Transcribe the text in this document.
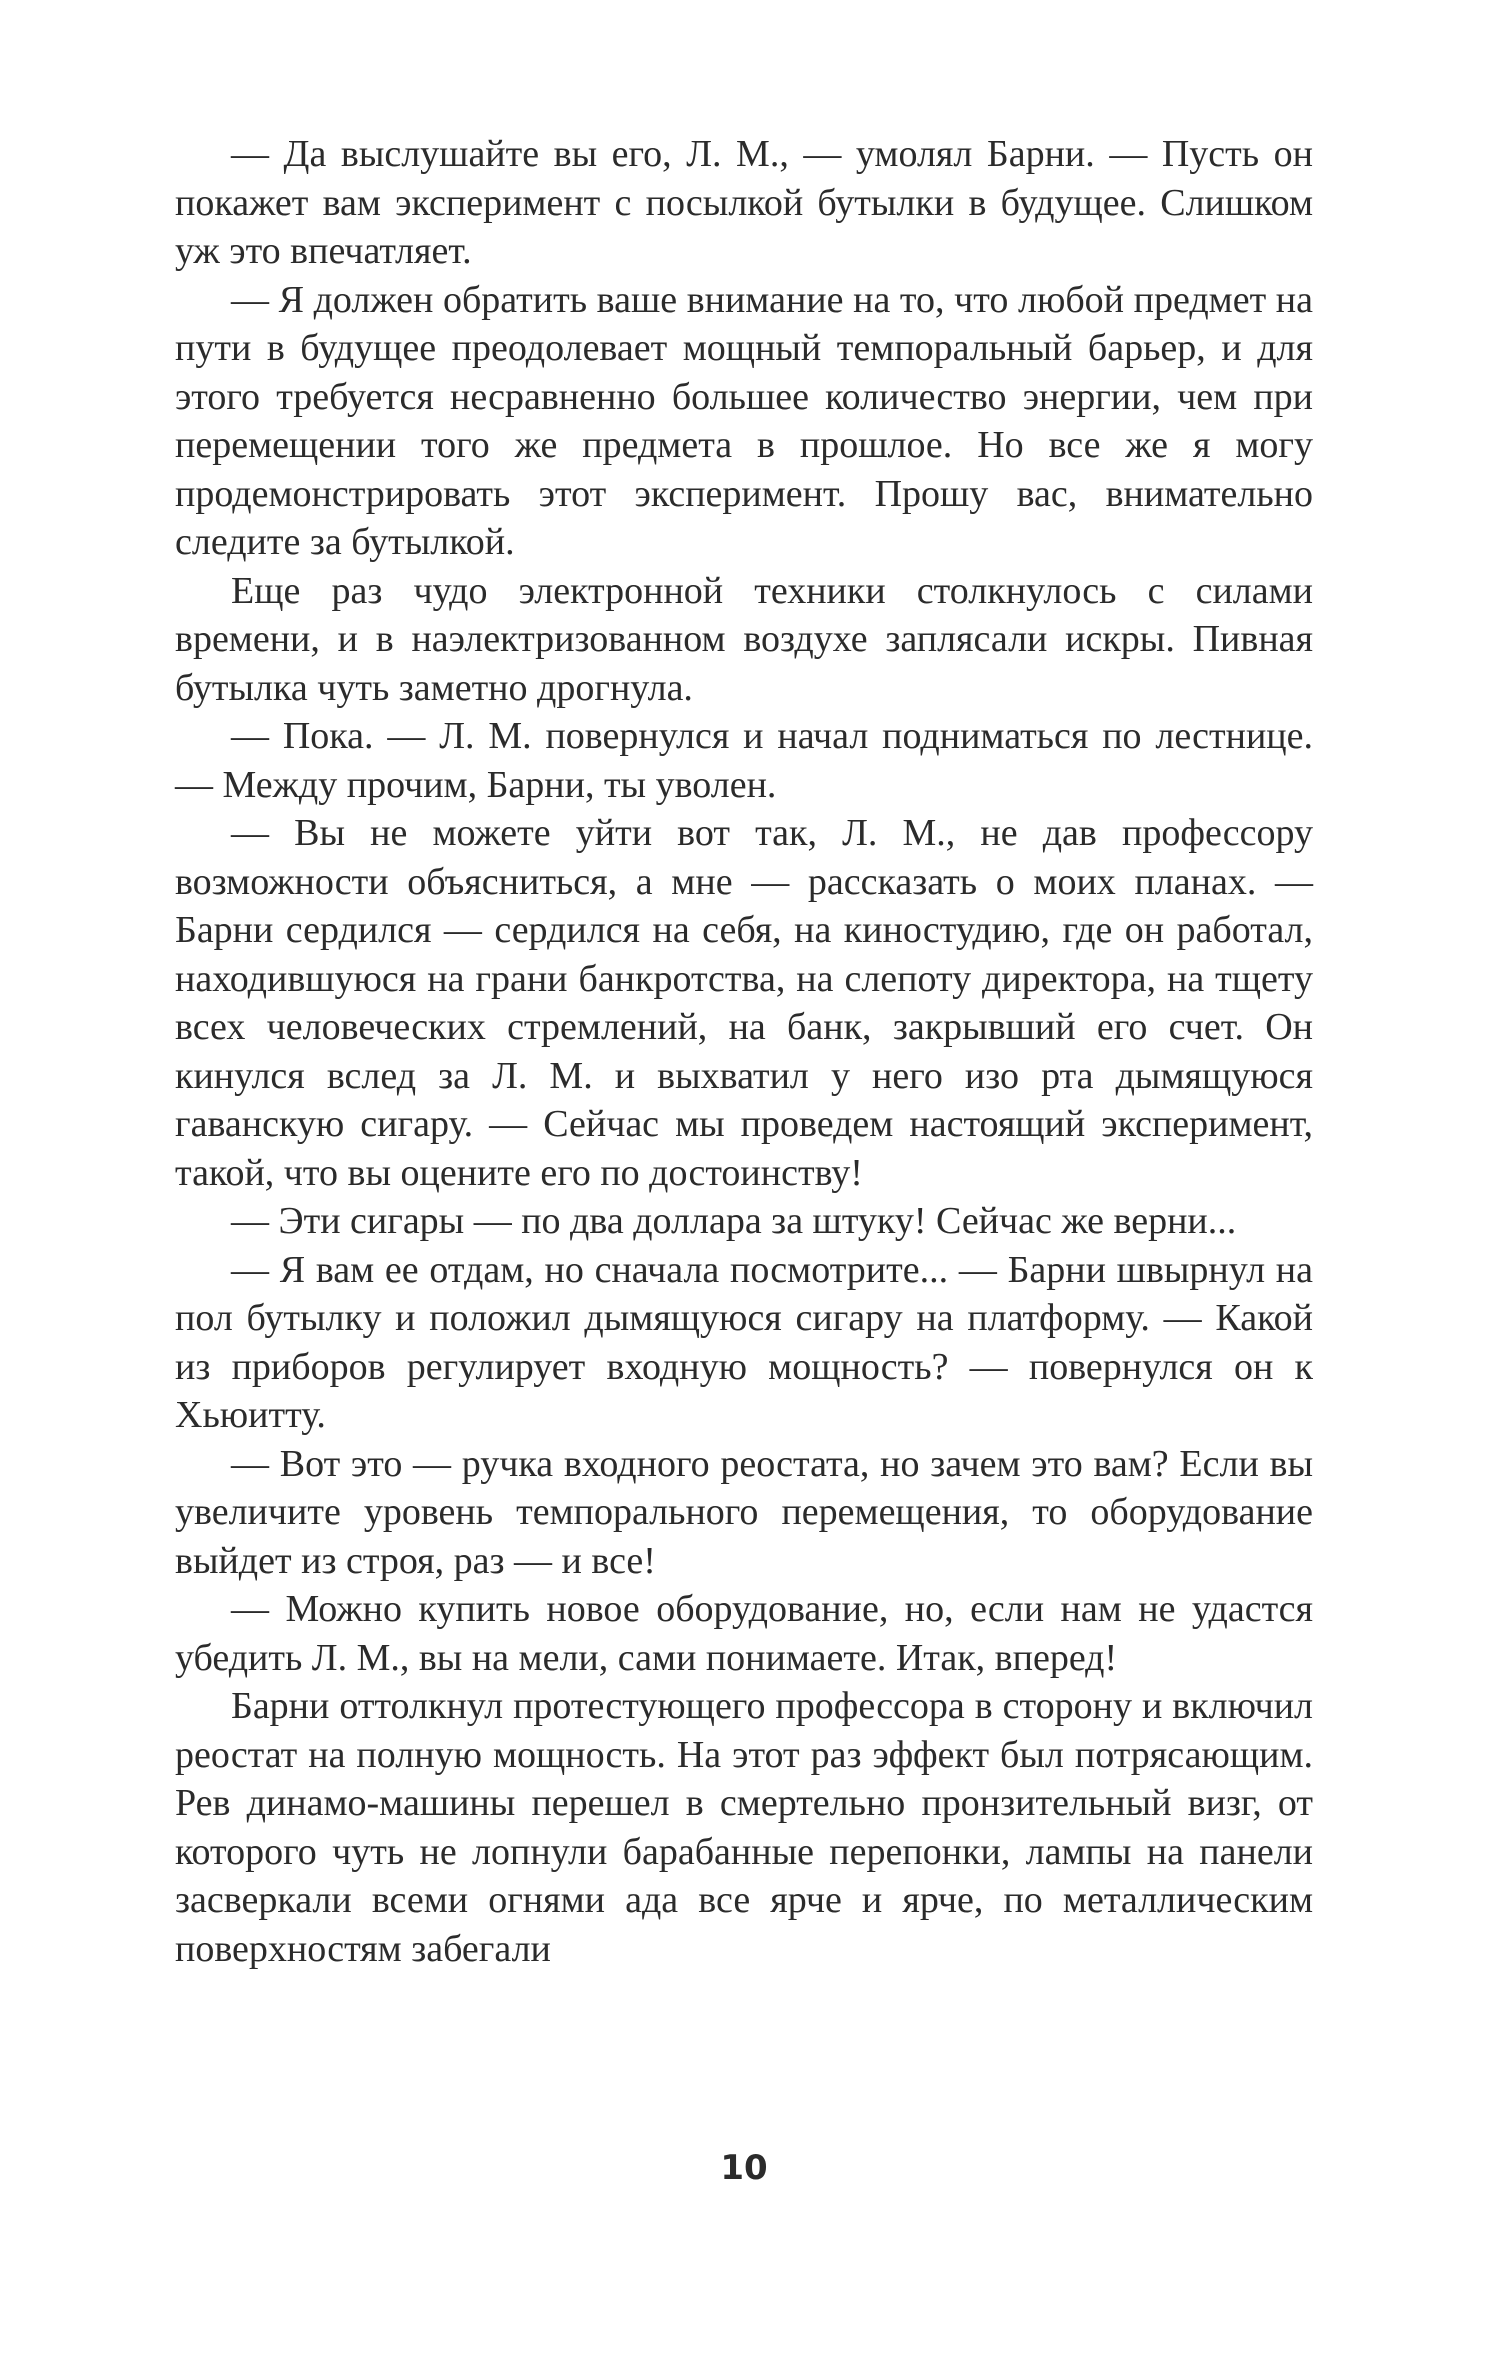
— Да выслушайте вы его, Л. М., — умолял Барни. — Пусть он покажет вам эксперимент с посылкой бутылки в будущее. Слишком уж это впечатляет.

— Я должен обратить ваше внимание на то, что любой предмет на пути в будущее преодолевает мощный темпоральный барьер, и для этого требуется несравненно большее количество энергии, чем при перемещении того же предмета в прошлое. Но все же я могу продемонстрировать этот эксперимент. Прошу вас, внимательно следите за бутылкой.

Еще раз чудо электронной техники столкнулось с силами времени, и в наэлектризованном воздухе заплясали искры. Пивная бутылка чуть заметно дрогнула.

— Пока. — Л. М. повернулся и начал подниматься по лестнице. — Между прочим, Барни, ты уволен.

— Вы не можете уйти вот так, Л. М., не дав профессору возможности объясниться, а мне — рассказать о моих планах. — Барни сердился — сердился на себя, на киностудию, где он работал, находившуюся на грани банкротства, на слепоту директора, на тщету всех человеческих стремлений, на банк, закрывший его счет. Он кинулся вслед за Л. М. и выхватил у него изо рта дымящуюся гаванскую сигару. — Сейчас мы проведем настоящий эксперимент, такой, что вы оцените его по достоинству!

— Эти сигары — по два доллара за штуку! Сейчас же верни...

— Я вам ее отдам, но сначала посмотрите... — Барни швырнул на пол бутылку и положил дымящуюся сигару на платформу. — Какой из приборов регулирует входную мощность? — повернулся он к Хьюитту.

— Вот это — ручка входного реостата, но зачем это вам? Если вы увеличите уровень темпорального перемещения, то оборудование выйдет из строя, раз — и все!

— Можно купить новое оборудование, но, если нам не удастся убедить Л. М., вы на мели, сами понимаете. Итак, вперед!

Барни оттолкнул протестующего профессора в сторону и включил реостат на полную мощность. На этот раз эффект был потрясающим. Рев динамо-машины перешел в смертельно пронзительный визг, от которого чуть не лопнули барабанные перепонки, лампы на панели засверкали всеми огнями ада все ярче и ярче, по металлическим поверхностям забегали

10
